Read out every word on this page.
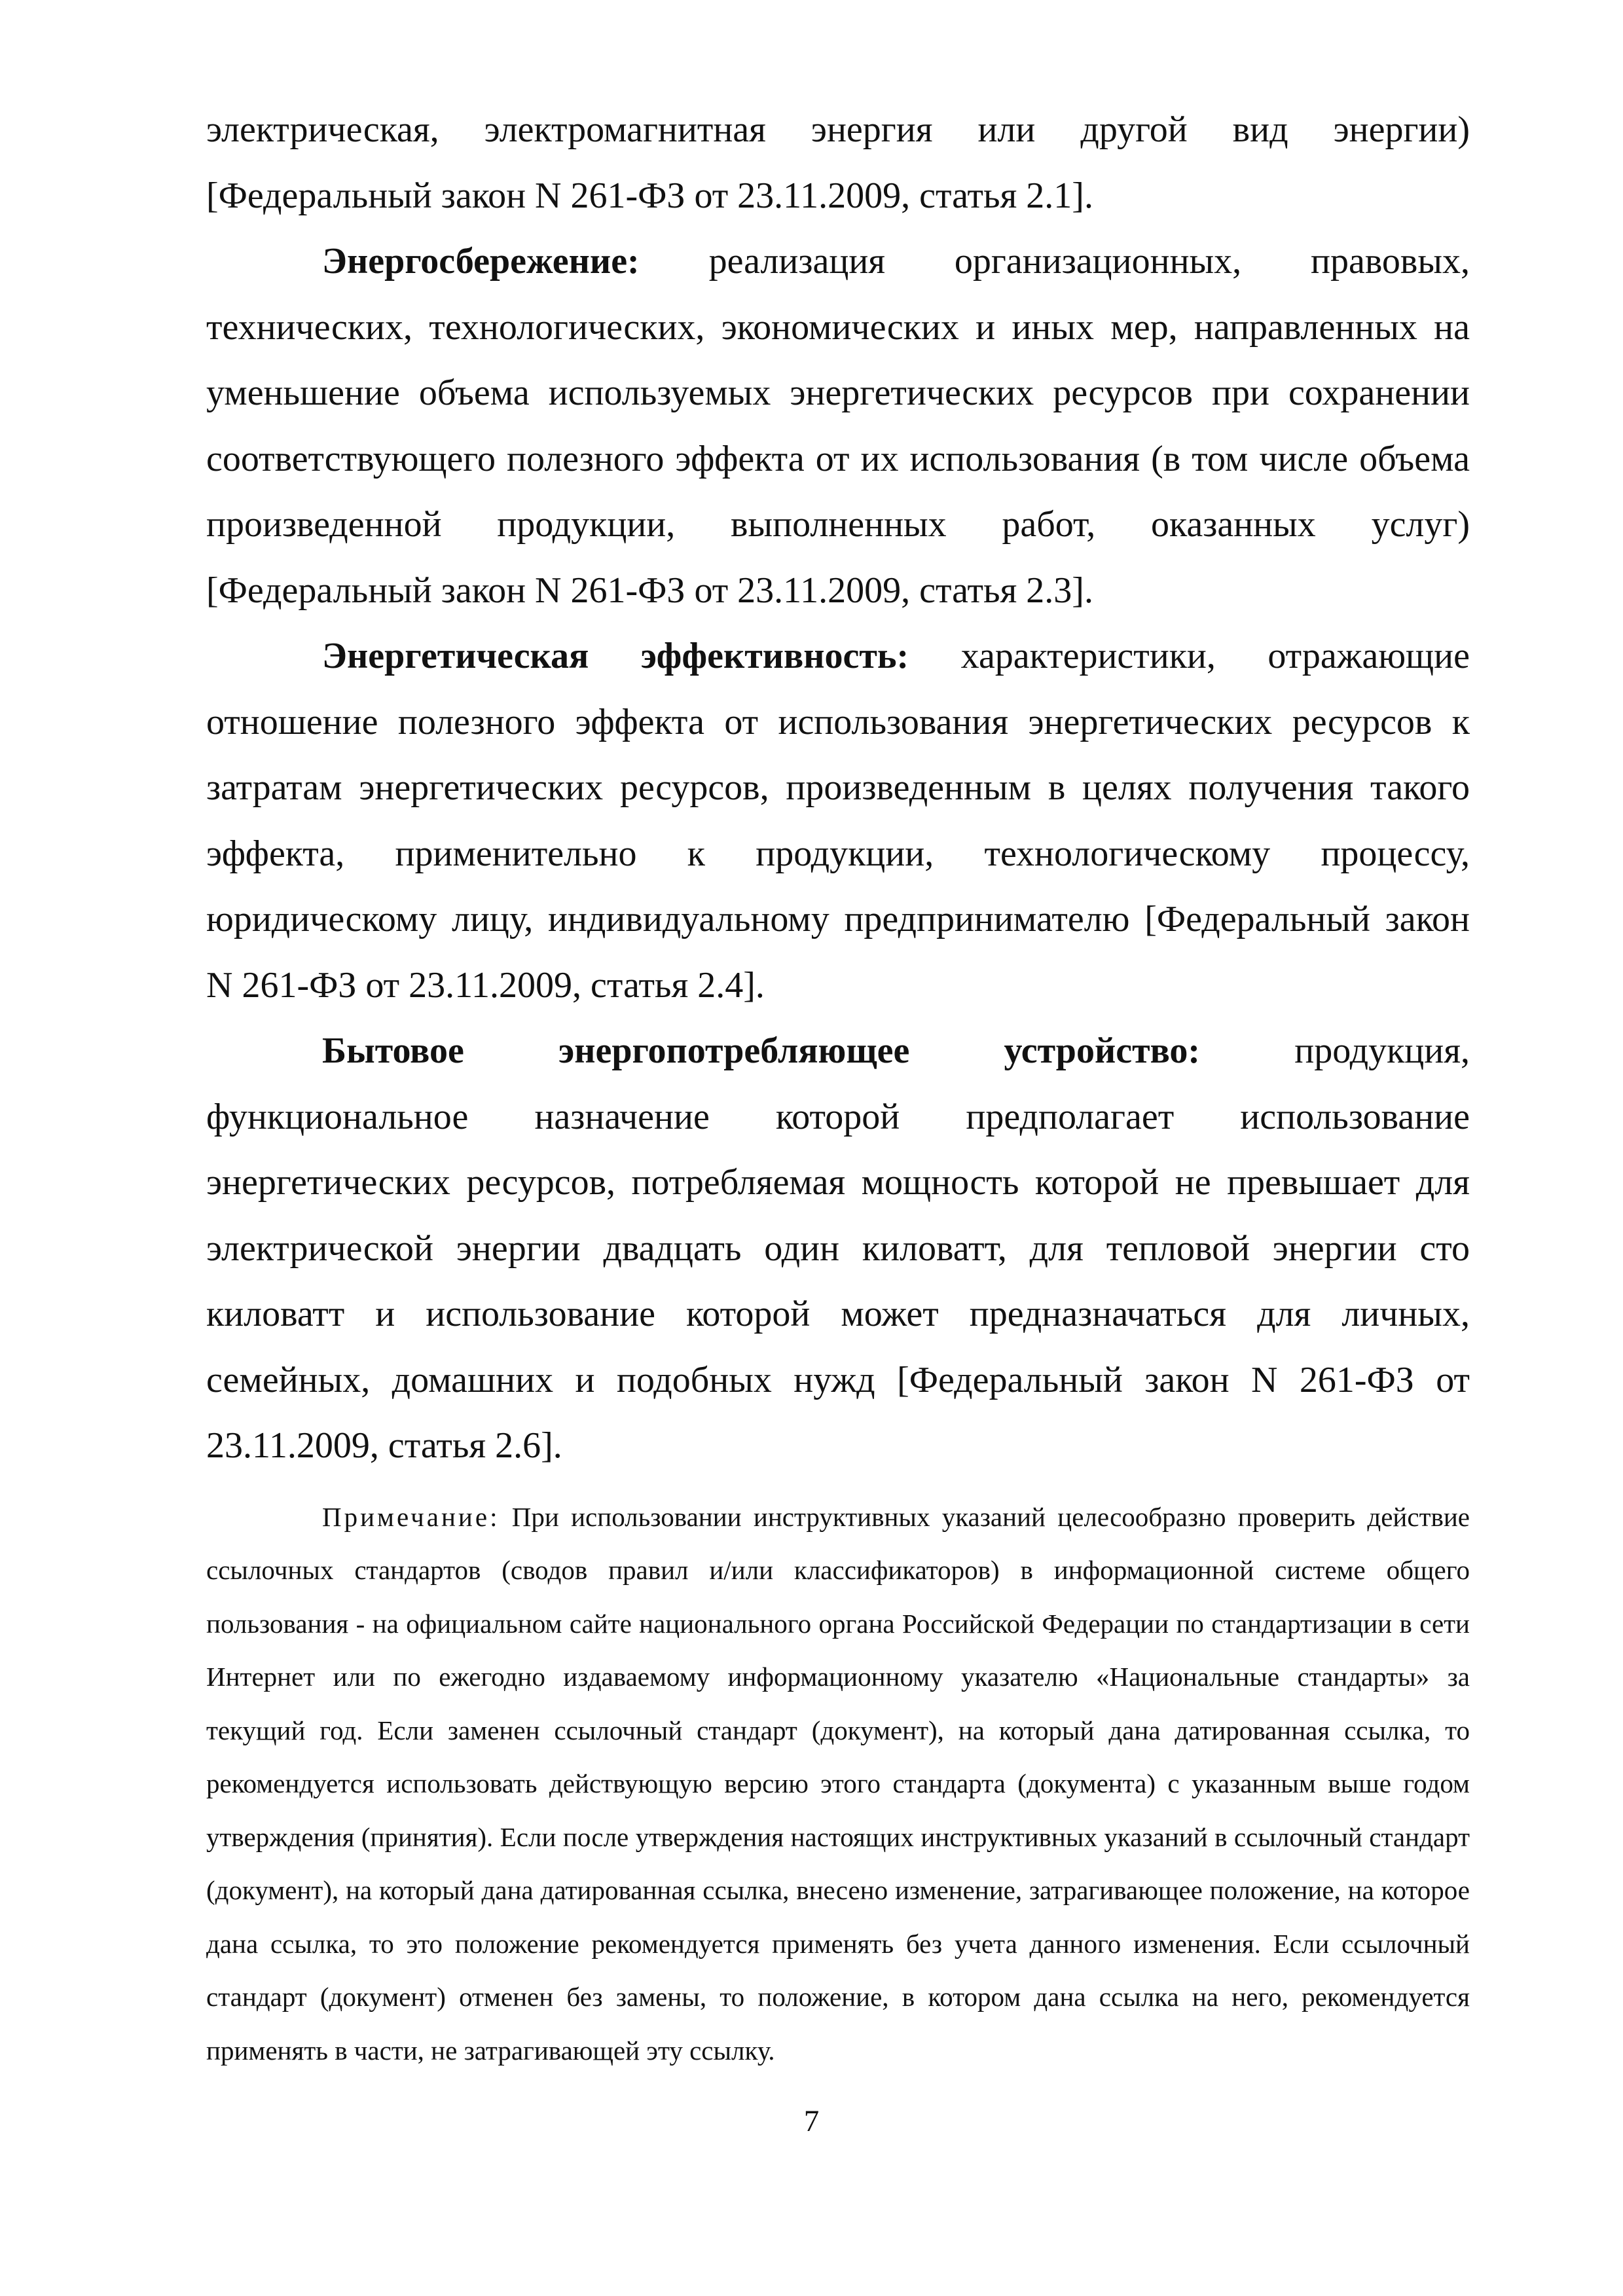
электрическая, электромагнитная энергия или другой вид энергии) [Федеральный закон N 261-ФЗ от 23.11.2009, статья 2.1].

Энергосбережение: реализация организационных, правовых, технических, технологических, экономических и иных мер, направленных на уменьшение объема используемых энергетических ресурсов при сохранении соответствующего полезного эффекта от их использования (в том числе объема произведенной продукции, выполненных работ, оказанных услуг) [Федеральный закон N 261-ФЗ от 23.11.2009, статья 2.3].

Энергетическая эффективность: характеристики, отражающие отношение полезного эффекта от использования энергетических ресурсов к затратам энергетических ресурсов, произведенным в целях получения такого эффекта, применительно к продукции, технологическому процессу, юридическому лицу, индивидуальному предпринимателю [Федеральный закон N 261-ФЗ от 23.11.2009, статья 2.4].

Бытовое энергопотребляющее устройство: продукция, функциональное назначение которой предполагает использование энергетических ресурсов, потребляемая мощность которой не превышает для электрической энергии двадцать один киловатт, для тепловой энергии сто киловатт и использование которой может предназначаться для личных, семейных, домашних и подобных нужд [Федеральный закон N 261-ФЗ от 23.11.2009, статья 2.6].

Примечание: При использовании инструктивных указаний целесообразно проверить действие ссылочных стандартов (сводов правил и/или классификаторов) в информационной системе общего пользования - на официальном сайте национального органа Российской Федерации по стандартизации в сети Интернет или по ежегодно издаваемому информационному указателю «Национальные стандарты» за текущий год. Если заменен ссылочный стандарт (документ), на который дана датированная ссылка, то рекомендуется использовать действующую версию этого стандарта (документа) с указанным выше годом утверждения (принятия). Если после утверждения настоящих инструктивных указаний в ссылочный стандарт (документ), на который дана датированная ссылка, внесено изменение, затрагивающее положение, на которое дана ссылка, то это положение рекомендуется применять без учета данного изменения. Если ссылочный стандарт (документ) отменен без замены, то положение, в котором дана ссылка на него, рекомендуется применять в части, не затрагивающей эту ссылку.

7
